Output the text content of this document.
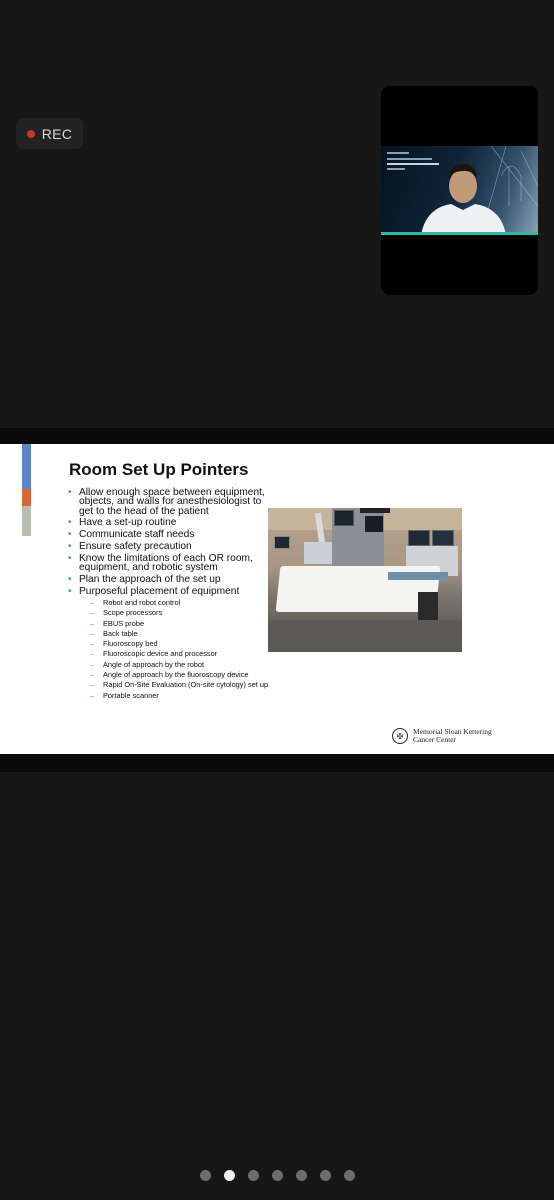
REC
Room Set Up Pointers
• Allow enough space between equipment, objects, and walls for anesthesiologist to get to the head of the patient
• Have a set-up routine
• Communicate staff needs
• Ensure safety precaution
• Know the limitations of each OR room, equipment, and robotic system
• Plan the approach of the set up
• Purposeful placement of equipment
– Robot and robot control
– Scope processors
– EBUS probe
– Back table
– Fluoroscopy bed
– Fluoroscopic device and processor
– Angle of approach by the robot
– Angle of approach by the fluoroscopy device
– Rapid On-Site Evaluation (On-site cytology) set up
– Portable scanner
✣	Memorial Sloan Kettering
Cancer Center
